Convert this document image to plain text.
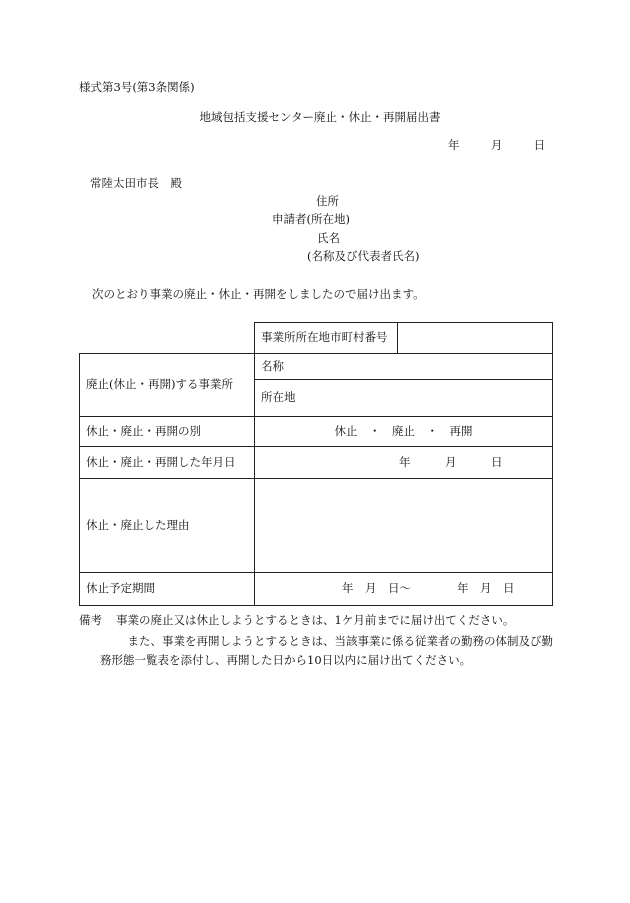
様式第3号(第3条関係)
地域包括支援センター廃止・休止・再開届出書
年	月	日
常陸太田市長　殿
住所
申請者(所在地)
氏名
(名称及び代表者氏名)
次のとおり事業の廃止・休止・再開をしましたので届け出ます。
	事業所所在地市町村番号	
廃止(休止・再開)する事業所	名称	
	所在地	
休止・廃止・再開の別	休止　・　廃止　・　再開	
休止・廃止・再開した年月日	年　　　月　　　日	
休止・廃止した理由		
休止予定期間	年　月　日～　　　　年　月　日	
備考 事業の廃止又は休止しようとするときは、1ケ月前までに届け出てください。
　また、事業を再開しようとするときは、当該事業に係る従業者の勤務の体制及び勤
務形態一覧表を添付し、再開した日から10日以内に届け出てください。
